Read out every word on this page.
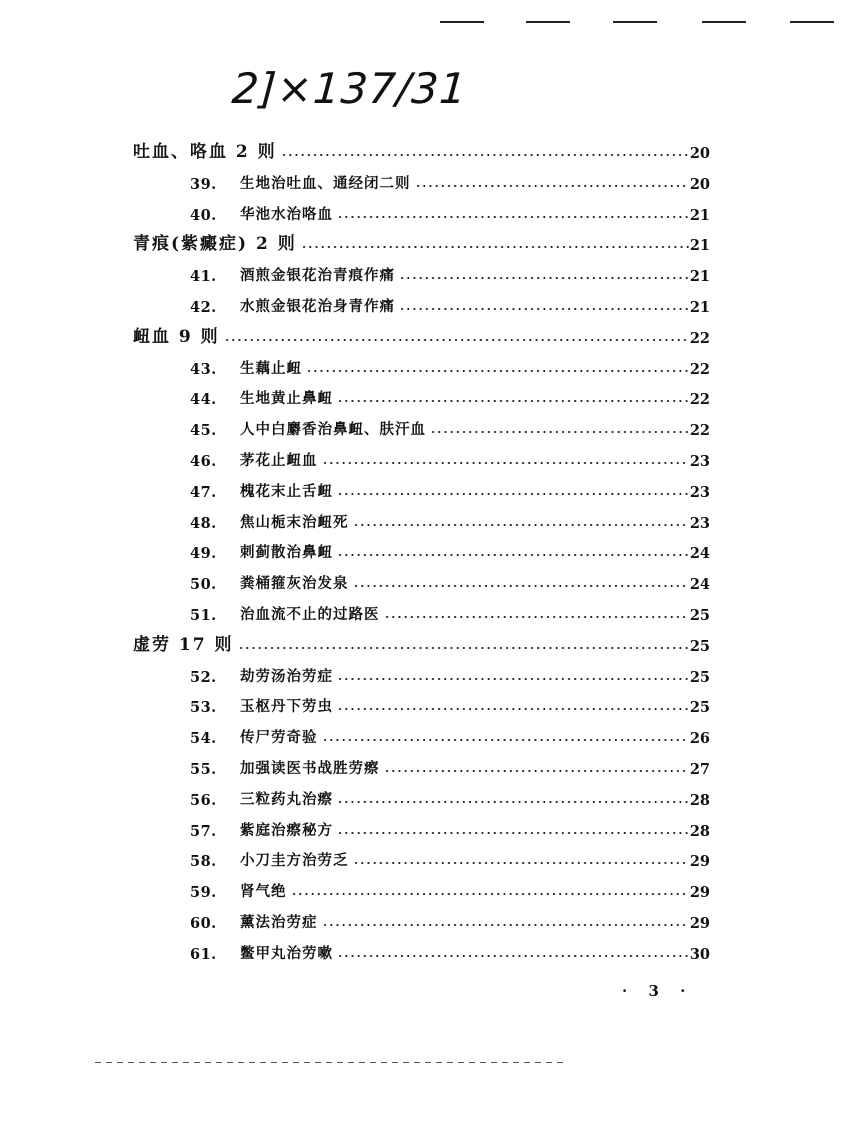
2]×137/31
吐血、咯血 2 则	20
39.	生地治吐血、通经闭二则	20
40.	华池水治咯血	21
青痕(紫癜症) 2 则	21
41.	酒煎金银花治青痕作痛	21
42.	水煎金银花治身青作痛	21
衄血 9 则	22
43.	生藕止衄	22
44.	生地黄止鼻衄	22
45.	人中白麝香治鼻衄、肤汗血	22
46.	茅花止衄血	23
47.	槐花末止舌衄	23
48.	焦山栀末治衄死	23
49.	刺蓟散治鼻衄	24
50.	粪桶箍灰治发泉	24
51.	治血流不止的过路医	25
虚劳 17 则	25
52.	劫劳汤治劳症	25
53.	玉枢丹下劳虫	25
54.	传尸劳奇验	26
55.	加强读医书战胜劳瘵	27
56.	三粒药丸治瘵	28
57.	紫庭治瘵秘方	28
58.	小刀圭方治劳乏	29
59.	肾气绝	29
60.	薰法治劳症	29
61.	鳖甲丸治劳嗽	30
· 3 ·
